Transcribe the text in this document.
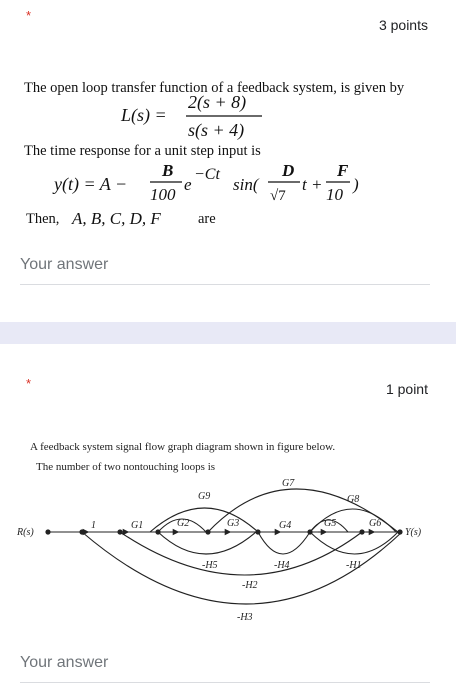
*
3 points
The open loop transfer function of a feedback system, is given by
L(s) =
2(s + 8)
s(s + 4)
The time response for a unit step input is
y(t) = A −
B
100
e
−Ct
sin(
D
√7
t +
F
10
)
Then, A, B, C, D, F	are
Your answer
*	1 point
A feedback system signal flow graph diagram shown in figure below.
The number of two nontouching loops is
R(s)	Y(s)
1	G1	G2	G3	G4	G5	G6
G7
G8
G9
-H5	-H4	-H1
-H2
-H3
Your answer
